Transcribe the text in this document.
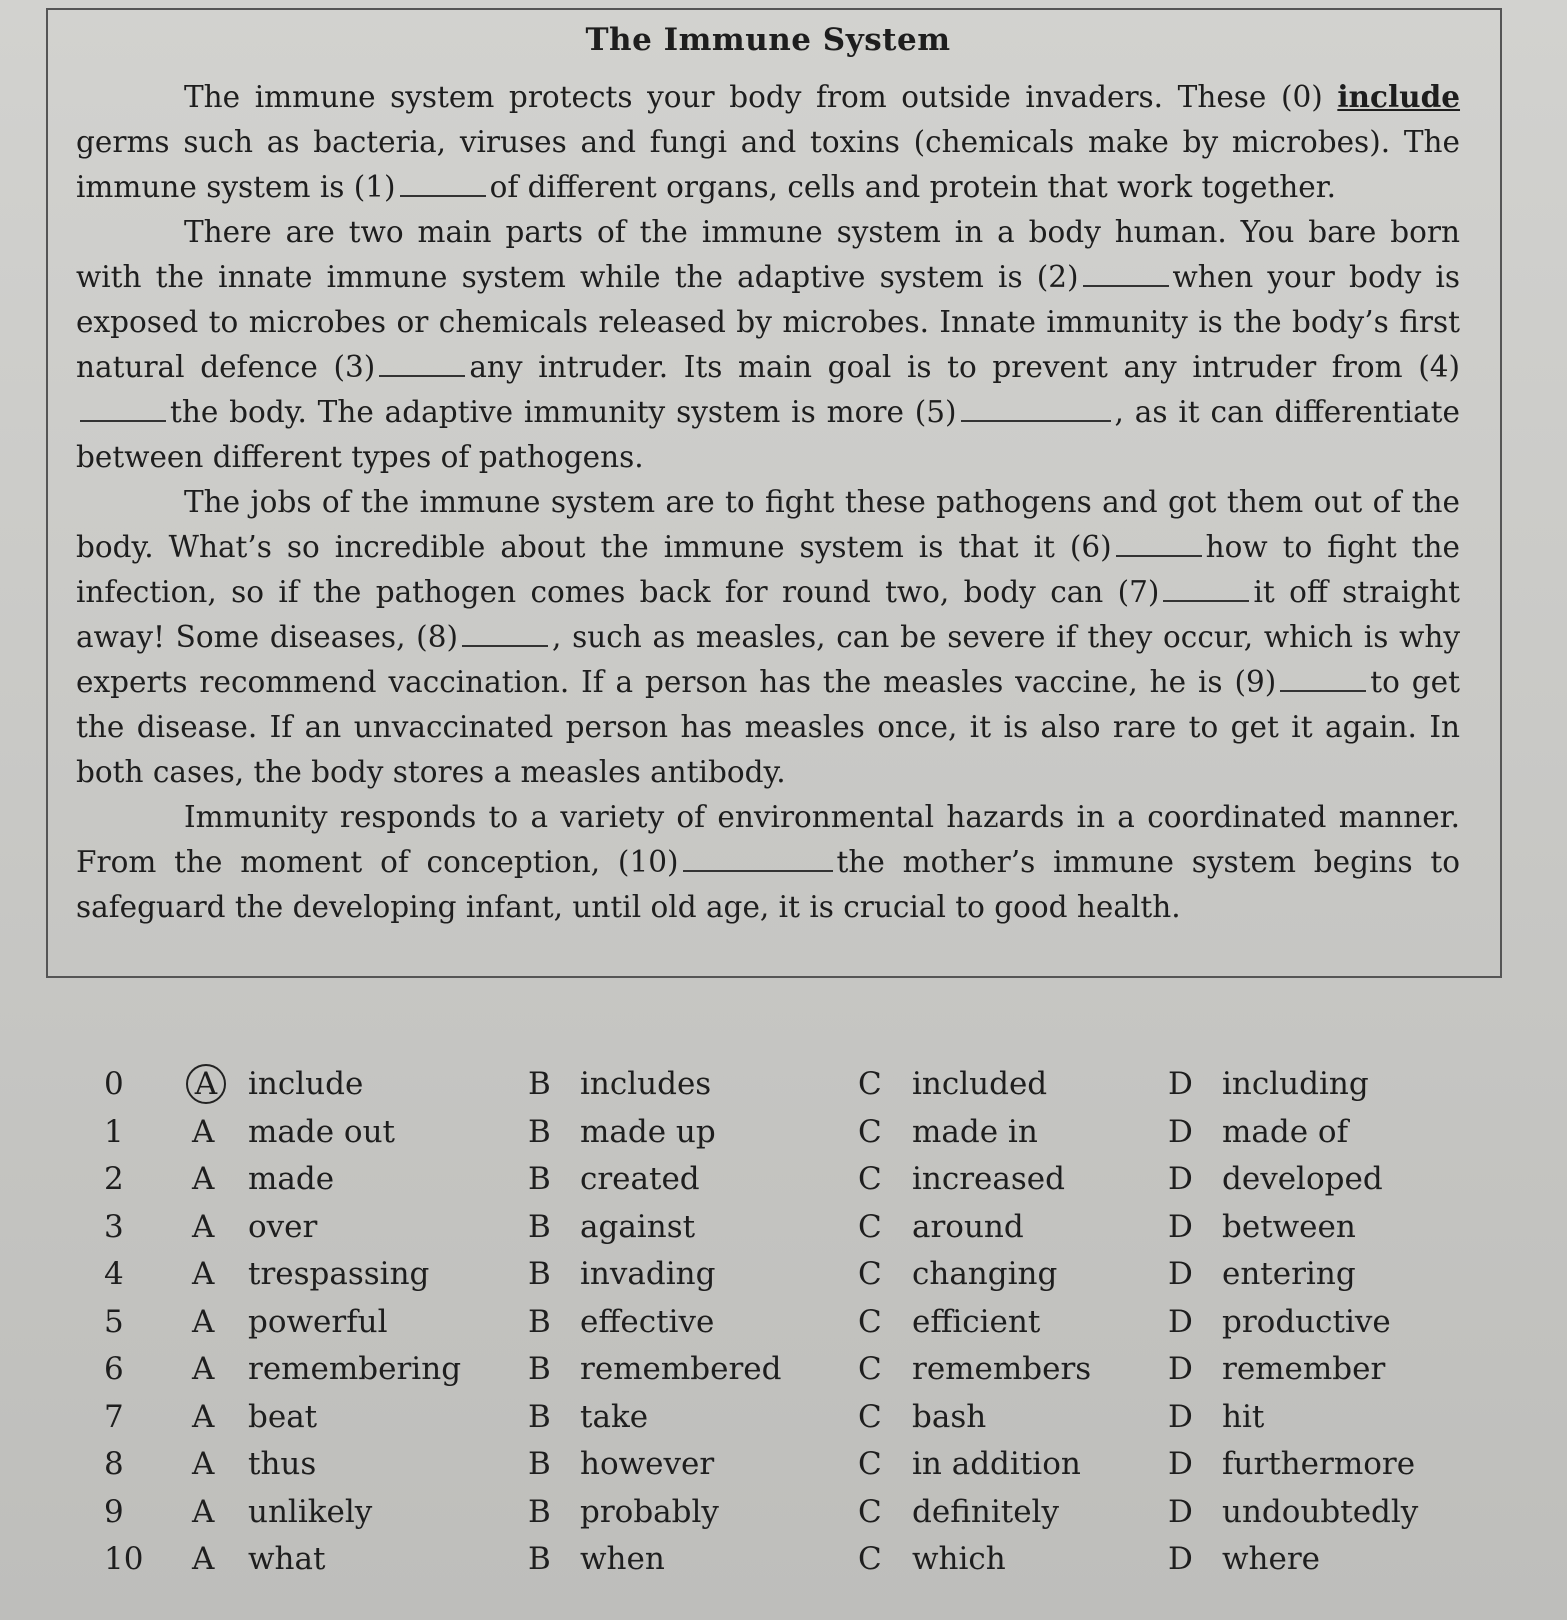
The Immune System

The immune system protects your body from outside invaders. These (0) include germs such as bacteria, viruses and fungi and toxins (chemicals make by microbes). The immune system is (1)	of different organs, cells and protein that work together.

There are two main parts of the immune system in a body human. You bare born with the innate immune system while the adaptive system is (2)	when your body is exposed to microbes or chemicals released by microbes. Innate immunity is the body’s first natural defence (3)	any intruder. Its main goal is to prevent any intruder from (4)the body. The adaptive immunity system is more (5)	, as it can differentiate between different types of pathogens.

The jobs of the immune system are to fight these pathogens and got them out of the body. What’s so incredible about the immune system is that it (6)	how to fight the infection, so if the pathogen comes back for round two, body can (7)	it off straight away! Some diseases, (8)	, such as measles, can be severe if they occur, which is why experts recommend vaccination. If a person has the measles vaccine, he is (9)	to get the disease. If an unvaccinated person has measles once, it is also rare to get it again. In both cases, the body stores a measles antibody.

Immunity responds to a variety of environmental hazards in a coordinated manner. From the moment of conception, (10)	the mother’s immune system begins to safeguard the developing infant, until old age, it is crucial to good health.

0 A include	B includes	C included	D including
1 A made out	B made up	C made in	D made of
2 A made	B created	C increased	D developed
3 A over	B against	C around	D between
4 A trespassing	B invading	C changing	D entering
5 A powerful	B effective	C efficient	D productive
6 A remembering B remembered C remembers D remember
7 A beat	B take	C bash	D hit
8 A thus	B however	C in addition	D furthermore
9 A unlikely	B probably	C definitely	D undoubtedly
10 A what	B when	C which	D where
